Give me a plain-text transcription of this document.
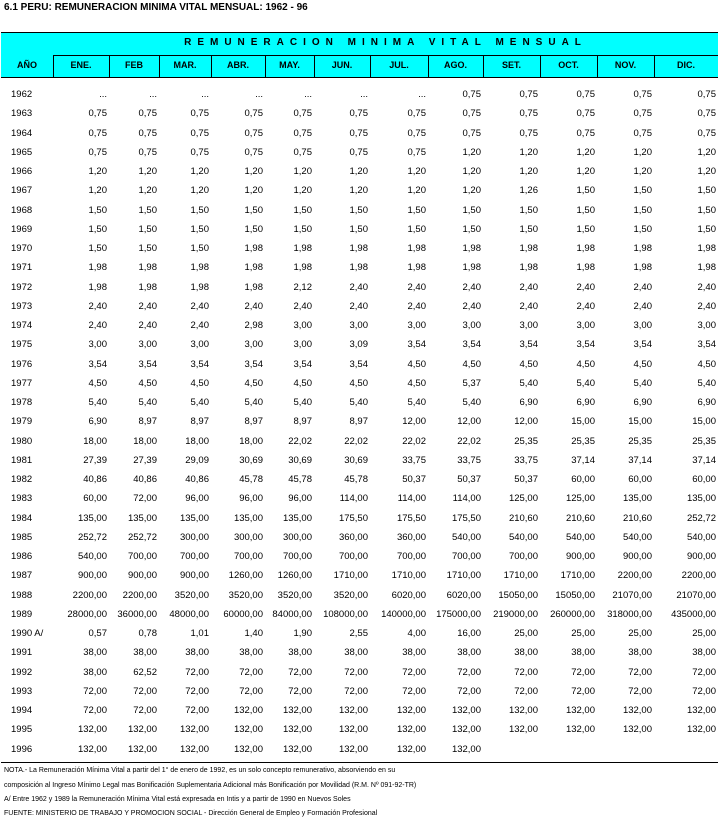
6.1 PERU: REMUNERACION MINIMA VITAL MENSUAL: 1962 - 96
REMUNERACION MINIMA VITAL MENSUAL
AÑO	ENE.	FEB	MAR.	ABR.	MAY.	JUN.	JUL.	AGO.	SET.	OCT.	NOV.	DIC.
1962	...	...	...	...	...	...	...	0,75	0,75	0,75	0,75	0,75
1963	0,75	0,75	0,75	0,75	0,75	0,75	0,75	0,75	0,75	0,75	0,75	0,75
1964	0,75	0,75	0,75	0,75	0,75	0,75	0,75	0,75	0,75	0,75	0,75	0,75
1965	0,75	0,75	0,75	0,75	0,75	0,75	0,75	1,20	1,20	1,20	1,20	1,20
1966	1,20	1,20	1,20	1,20	1,20	1,20	1,20	1,20	1,20	1,20	1,20	1,20
1967	1,20	1,20	1,20	1,20	1,20	1,20	1,20	1,20	1,26	1,50	1,50	1,50
1968	1,50	1,50	1,50	1,50	1,50	1,50	1,50	1,50	1,50	1,50	1,50	1,50
1969	1,50	1,50	1,50	1,50	1,50	1,50	1,50	1,50	1,50	1,50	1,50	1,50
1970	1,50	1,50	1,50	1,98	1,98	1,98	1,98	1,98	1,98	1,98	1,98	1,98
1971	1,98	1,98	1,98	1,98	1,98	1,98	1,98	1,98	1,98	1,98	1,98	1,98
1972	1,98	1,98	1,98	1,98	2,12	2,40	2,40	2,40	2,40	2,40	2,40	2,40
1973	2,40	2,40	2,40	2,40	2,40	2,40	2,40	2,40	2,40	2,40	2,40	2,40
1974	2,40	2,40	2,40	2,98	3,00	3,00	3,00	3,00	3,00	3,00	3,00	3,00
1975	3,00	3,00	3,00	3,00	3,00	3,09	3,54	3,54	3,54	3,54	3,54	3,54
1976	3,54	3,54	3,54	3,54	3,54	3,54	4,50	4,50	4,50	4,50	4,50	4,50
1977	4,50	4,50	4,50	4,50	4,50	4,50	4,50	5,37	5,40	5,40	5,40	5,40
1978	5,40	5,40	5,40	5,40	5,40	5,40	5,40	5,40	6,90	6,90	6,90	6,90
1979	6,90	8,97	8,97	8,97	8,97	8,97	12,00	12,00	12,00	15,00	15,00	15,00
1980	18,00	18,00	18,00	18,00	22,02	22,02	22,02	22,02	25,35	25,35	25,35	25,35
1981	27,39	27,39	29,09	30,69	30,69	30,69	33,75	33,75	33,75	37,14	37,14	37,14
1982	40,86	40,86	40,86	45,78	45,78	45,78	50,37	50,37	50,37	60,00	60,00	60,00
1983	60,00	72,00	96,00	96,00	96,00	114,00	114,00	114,00	125,00	125,00	135,00	135,00
1984	135,00 135,00 135,00	135,00 135,00	175,50	175,50	175,50	210,60	210,60	210,60	252,72
1985	252,72 252,72 300,00	300,00 300,00	360,00	360,00	540,00	540,00	540,00	540,00	540,00
1986	540,00 700,00 700,00	700,00 700,00	700,00	700,00	700,00	700,00	900,00	900,00	900,00
1987	900,00 900,00 900,00 1260,00 1260,00 1710,00 1710,00 1710,00 1710,00 1710,00 2200,00	2200,00
1988	2200,00 2200,00 3520,00 3520,00 3520,00 3520,00 6020,00 6020,00 15050,00 15050,00 21070,00	21070,00
1989	28000,00 36000,00 48000,00 60000,00 84000,00 108000,00 140000,00 175000,00 219000,00 260000,00 318000,00 435000,00
1990 A/	0,57	0,78	1,01	1,40	1,90	2,55	4,00	16,00	25,00	25,00	25,00	25,00
1991	38,00	38,00	38,00	38,00	38,00	38,00	38,00	38,00	38,00	38,00	38,00	38,00
1992	38,00	62,52	72,00	72,00	72,00	72,00	72,00	72,00	72,00	72,00	72,00	72,00
1993	72,00	72,00	72,00	72,00	72,00	72,00	72,00	72,00	72,00	72,00	72,00	72,00
1994	72,00	72,00	72,00	132,00 132,00	132,00	132,00	132,00	132,00	132,00	132,00	132,00
1995	132,00 132,00 132,00	132,00 132,00	132,00	132,00	132,00	132,00	132,00	132,00	132,00
1996	132,00 132,00 132,00	132,00 132,00	132,00	132,00	132,00
NOTA.- La Remuneración Mínima Vital a partir del 1° de enero de 1992, es un solo concepto remunerativo, absorviendo en su
composición al Ingreso Mínimo Legal mas Bonificación Suplementaria Adicional más Bonificación por Movilidad (R.M. Nº 091-92-TR)
A/ Entre 1962 y 1989 la Remuneración Mínima Vital está expresada en Intis y a partir de 1990 en Nuevos Soles
FUENTE: MINISTERIO DE TRABAJO Y PROMOCION SOCIAL - Dirección General de Empleo y Formación Profesional
